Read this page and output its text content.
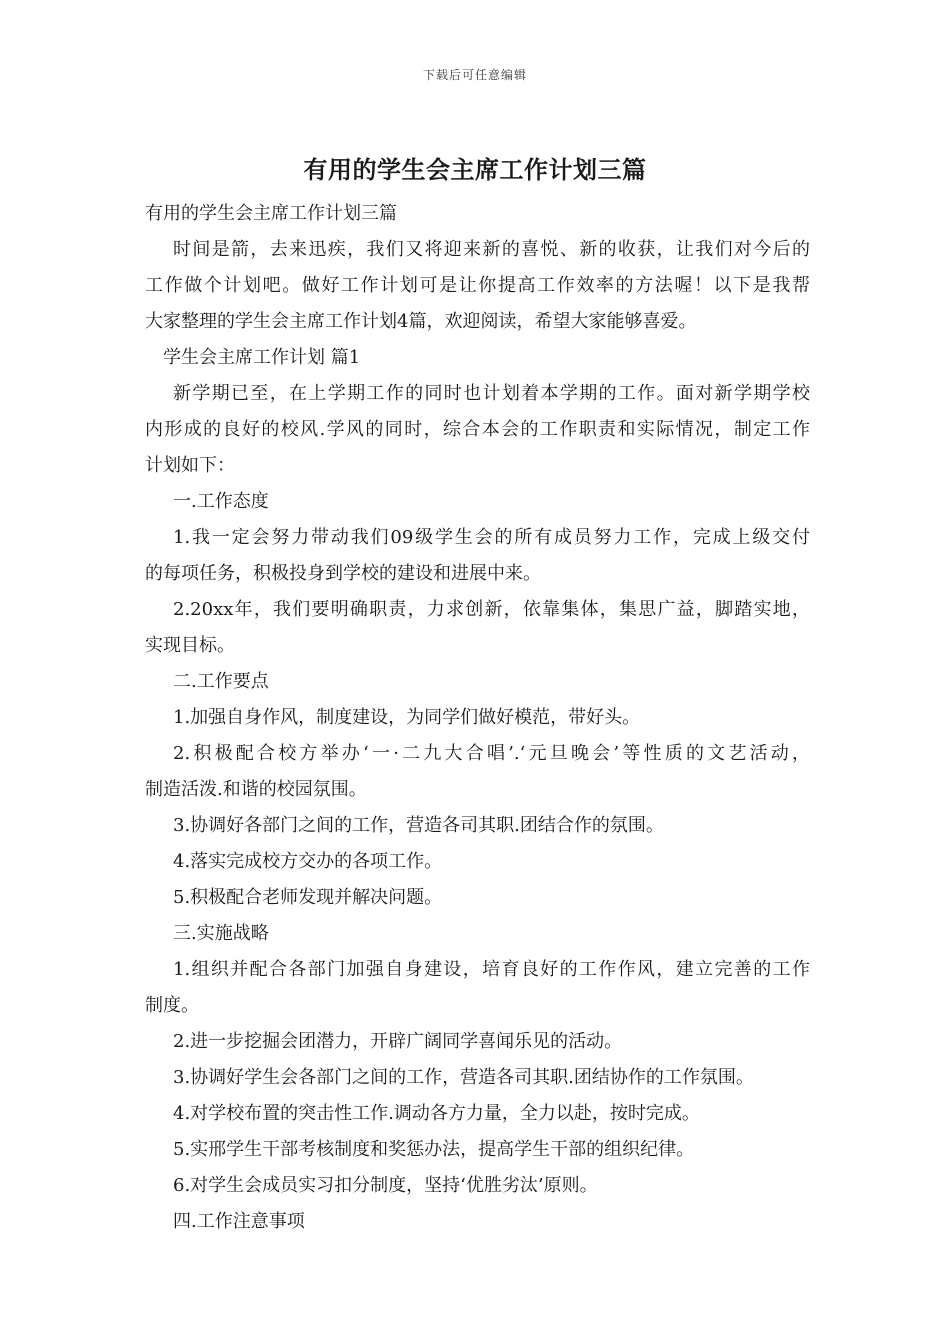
下载后可任意编辑
有用的学生会主席工作计划三篇
有用的学生会主席工作计划三篇
时间是箭，去来迅疾，我们又将迎来新的喜悦、新的收获，让我们对今后的
工作做个计划吧。做好工作计划可是让你提高工作效率的方法喔！以下是我帮
大家整理的学生会主席工作计划4篇，欢迎阅读，希望大家能够喜爱。
学生会主席工作计划 篇1
新学期已至，在上学期工作的同时也计划着本学期的工作。面对新学期学校
内形成的良好的校风.学风的同时，综合本会的工作职责和实际情况，制定工作
计划如下：
一.工作态度
1.我一定会努力带动我们09级学生会的所有成员努力工作，完成上级交付
的每项任务，积极投身到学校的建设和进展中来。
2.20xx年，我们要明确职责，力求创新，依靠集体，集思广益，脚踏实地，
实现目标。
二.工作要点
1.加强自身作风，制度建设，为同学们做好模范，带好头。
2.积极配合校方举办‘一·二九大合唱’.‘元旦晚会’等性质的文艺活动，
制造活泼.和谐的校园氛围。
3.协调好各部门之间的工作，营造各司其职.团结合作的氛围。
4.落实完成校方交办的各项工作。
5.积极配合老师发现并解决问题。
三.实施战略
1.组织并配合各部门加强自身建设，培育良好的工作作风，建立完善的工作
制度。
2.进一步挖掘会团潜力，开辟广阔同学喜闻乐见的活动。
3.协调好学生会各部门之间的工作，营造各司其职.团结协作的工作氛围。
4.对学校布置的突击性工作.调动各方力量，全力以赴，按时完成。
5.实邢学生干部考核制度和奖惩办法，提高学生干部的组织纪律。
6.对学生会成员实习扣分制度，坚持‘优胜劣汰’原则。
四.工作注意事项
